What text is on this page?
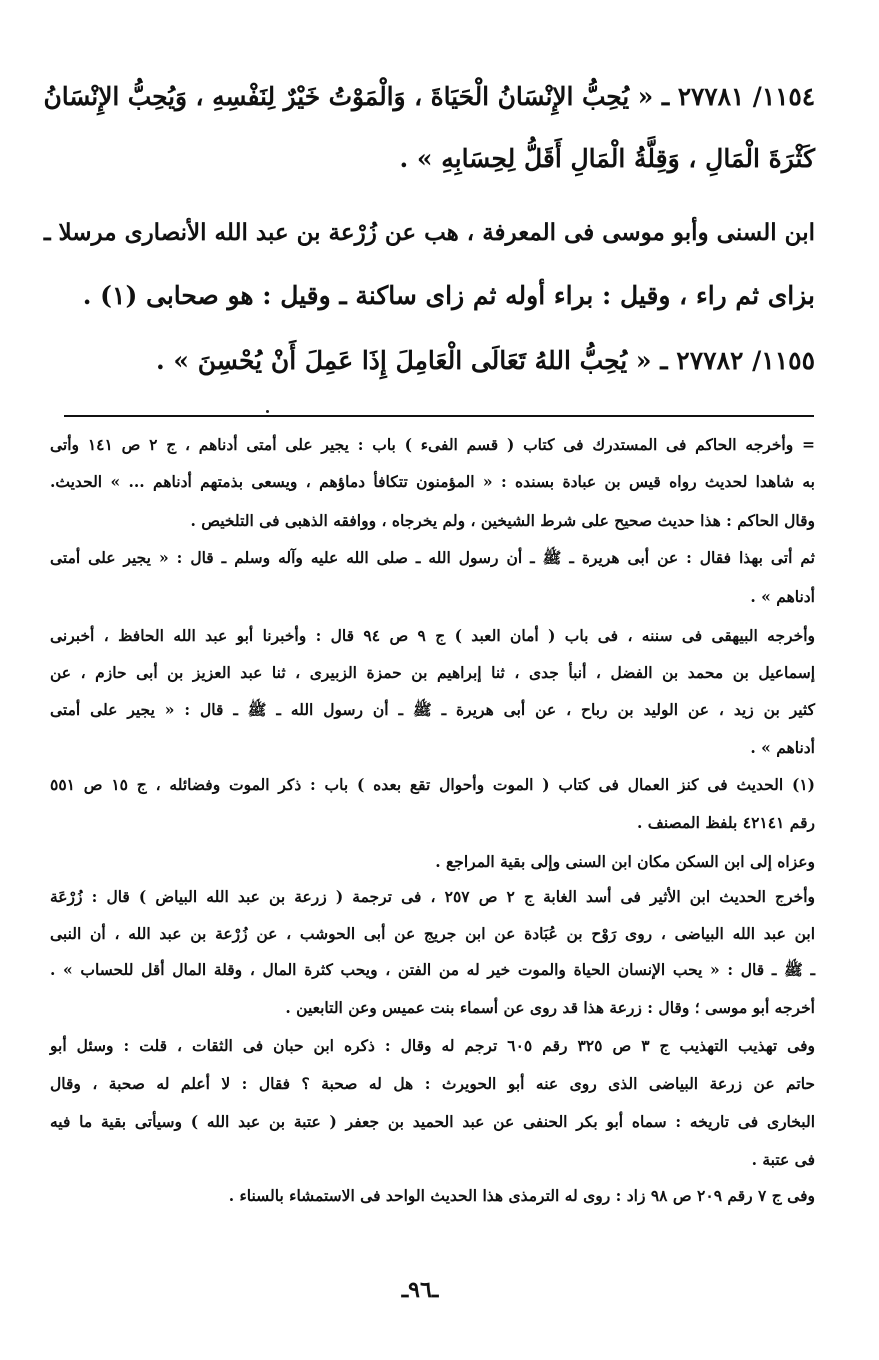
١١٥٤/ ٢٧٧٨١ ـ « يُحِبُّ الإِنْسَانُ الْحَيَاةَ ، وَالْمَوْتُ خَيْرٌ لِنَفْسِهِ ، وَيُحِبُّ الإِنْسَانُ
كَثْرَةَ الْمَالِ ، وَقِلَّةُ الْمَالِ أَقَلُّ لِحِسَابِهِ » .
ابن السنى وأبو موسى فى المعرفة ، هب عن زُرْعة بن عبد الله الأنصارى مرسلا ـ
بزاى ثم راء ، وقيل : براء أوله ثم زاى ساكنة ـ وقيل : هو صحابى (١) .
١١٥٥/ ٢٧٧٨٢ ـ « يُحِبُّ اللهُ تَعَالَى الْعَامِلَ إِذَا عَمِلَ أَنْ يُحْسِنَ » .
= وأخرجه الحاكم فى المستدرك فى كتاب ( قسم الفىء ) باب : يجير على أمتى أدناهم ، ج ٢ ص ١٤١ وأتى
به شاهدا لحديث رواه قيس بن عبادة بسنده : « المؤمنون تتكافأ دماؤهم ، ويسعى بذمتهم أدناهم ... » الحديث.
وقال الحاكم : هذا حديث صحيح على شرط الشيخين ، ولم يخرجاه ، ووافقه الذهبى فى التلخيص .
ثم أتى بهذا فقال : عن أبى هريرة ـ ﷺ ـ أن رسول الله ـ صلى الله عليه وآله وسلم ـ قال : « يجير على أمتى
أدناهم » .
وأخرجه البيهقى فى سننه ، فى باب ( أمان العبد ) ج ٩ ص ٩٤ قال : وأخبرنا أبو عبد الله الحافظ ، أخبرنى
إسماعيل بن محمد بن الفضل ، أنبأ جدى ، ثنا إبراهيم بن حمزة الزبيرى ، ثنا عبد العزيز بن أبى حازم ، عن
كثير بن زيد ، عن الوليد بن رباح ، عن أبى هريرة ـ ﷺ ـ أن رسول الله ـ ﷺ ـ قال : « يجير على أمتى
أدناهم » .
(١) الحديث فى كنز العمال فى كتاب ( الموت وأحوال تقع بعده ) باب : ذكر الموت وفضائله ، ج ١٥ ص ٥٥١
رقم ٤٢١٤١ بلفظ المصنف .
وعزاه إلى ابن السكن مكان ابن السنى وإلى بقية المراجع .
وأخرج الحديث ابن الأثير فى أسد الغابة ج ٢ ص ٢٥٧ ، فى ترجمة ( زرعة بن عبد الله البياض ) قال : زُرْعَة
ابن عبد الله البياضى ، روى رَوْح بن عُبَادة عن ابن جريج عن أبى الحوشب ، عن زُرْعة بن عبد الله ، أن النبى
ـ ﷺ ـ قال : « يحب الإنسان الحياة والموت خير له من الفتن ، ويحب كثرة المال ، وقلة المال أقل للحساب » .
أخرجه أبو موسى ؛ وقال : زرعة هذا قد روى عن أسماء بنت عميس وعن التابعين .
وفى تهذيب التهذيب ج ٣ ص ٣٢٥ رقم ٦٠٥ ترجم له وقال : ذكره ابن حبان فى الثقات ، قلت : وسئل أبو
حاتم عن زرعة البياضى الذى روى عنه أبو الحويرث : هل له صحبة ؟ فقال : لا أعلم له صحبة ، وقال
البخارى فى تاريخه : سماه أبو بكر الحنفى عن عبد الحميد بن جعفر ( عتبة بن عبد الله ) وسيأتى بقية ما فيه
فى عتبة .
وفى ج ٧ رقم ٢٠٩ ص ٩٨ زاد : روى له الترمذى هذا الحديث الواحد فى الاستمشاء بالسناء .
ـ٩٦ـ
